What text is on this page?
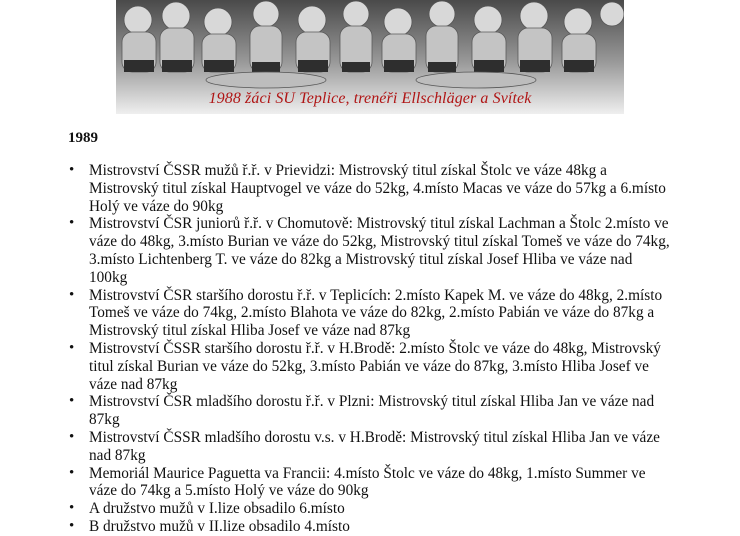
1988 žáci SU Teplice, trenéři Ellschläger a Svítek
1989
• Mistrovství ČSSR mužů ř.ř. v Prievidzi: Mistrovský titul získal Štolc ve váze 48kg a Mistrovský titul získal Hauptvogel ve váze do 52kg, 4.místo Macas ve váze do 57kg a 6.místo Holý ve váze do 90kg
• Mistrovství ČSR juniorů ř.ř. v Chomutově: Mistrovský titul získal Lachman a Štolc 2.místo ve váze do 48kg, 3.místo Burian ve váze do 52kg, Mistrovský titul získal Tomeš ve váze do 74kg, 3.místo Lichtenberg T. ve váze do 82kg a Mistrovský titul získal Josef Hliba ve váze nad 100kg
• Mistrovství ČSR staršího dorostu ř.ř. v Teplicích: 2.místo Kapek M. ve váze do 48kg, 2.místo Tomeš ve váze do 74kg, 2.místo Blahota ve váze do 82kg, 2.místo Pabián ve váze do 87kg a Mistrovský titul získal Hliba Josef ve váze nad 87kg
• Mistrovství ČSSR staršího dorostu ř.ř. v H.Brodě: 2.místo Štolc ve váze do 48kg, Mistrovský titul získal Burian ve váze do 52kg, 3.místo Pabián ve váze do 87kg, 3.místo Hliba Josef ve váze nad 87kg
• Mistrovství ČSR mladšího dorostu ř.ř. v Plzni: Mistrovský titul získal Hliba Jan ve váze nad 87kg
• Mistrovství ČSSR mladšího dorostu v.s. v H.Brodě: Mistrovský titul získal Hliba Jan ve váze nad 87kg
• Memoriál Maurice Paguetta va Francii: 4.místo Štolc ve váze do 48kg, 1.místo Summer ve váze do 74kg a 5.místo Holý ve váze do 90kg
• A družstvo mužů v I.lize obsadilo 6.místo
• B družstvo mužů v II.lize obsadilo 4.místo
